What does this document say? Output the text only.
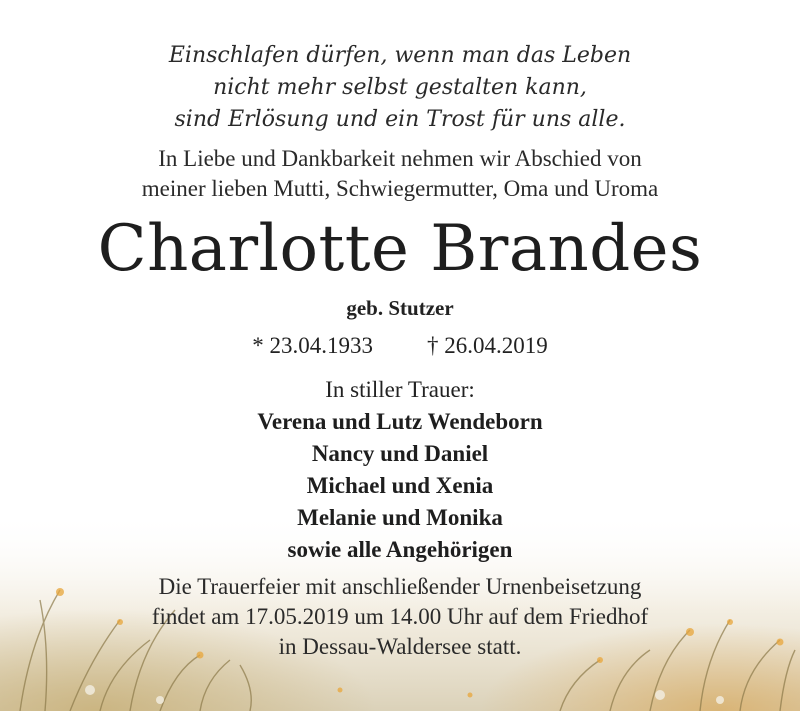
Einschlafen dürfen, wenn man das Leben
nicht mehr selbst gestalten kann,
sind Erlösung und ein Trost für uns alle.
In Liebe und Dankbarkeit nehmen wir Abschied von
meiner lieben Mutti, Schwiegermutter, Oma und Uroma
Charlotte Brandes
geb. Stutzer
* 23.04.1933 † 26.04.2019
In stiller Trauer:
Verena und Lutz Wendeborn
Nancy und Daniel
Michael und Xenia
Melanie und Monika
sowie alle Angehörigen
Die Trauerfeier mit anschließender Urnenbeisetzung
findet am 17.05.2019 um 14.00 Uhr auf dem Friedhof
in Dessau-Waldersee statt.
